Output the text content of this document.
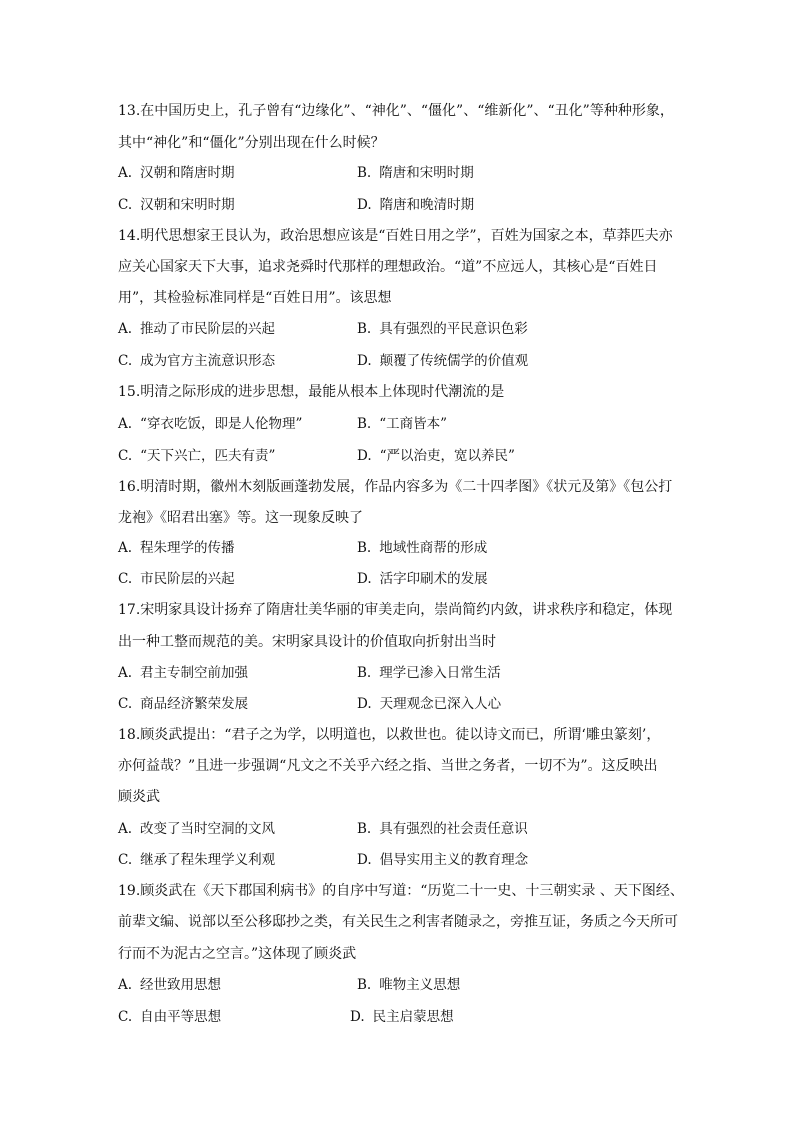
13.在中国历史上，孔子曾有“边缘化”、“神化”、“僵化”、“维新化”、“丑化”等种种形象，

其中“神化”和“僵化”分别出现在什么时候？

A. 汉朝和隋唐时期	B. 隋唐和宋明时期

C. 汉朝和宋明时期	D. 隋唐和晚清时期

14.明代思想家王艮认为，政治思想应该是“百姓日用之学”，百姓为国家之本，草莽匹夫亦

应关心国家天下大事，追求尧舜时代那样的理想政治。“道”不应远人，其核心是“百姓日

用”，其检验标准同样是“百姓日用”。该思想

A. 推动了市民阶层的兴起	B. 具有强烈的平民意识色彩

C. 成为官方主流意识形态	D. 颠覆了传统儒学的价值观

15.明清之际形成的进步思想，最能从根本上体现时代潮流的是

A. “穿衣吃饭，即是人伦物理”	B. “工商皆本”

C. “天下兴亡，匹夫有责”	D. “严以治吏，宽以养民”

16.明清时期，徽州木刻版画蓬勃发展，作品内容多为《二十四孝图》《状元及第》《包公打

龙袍》《昭君出塞》等。这一现象反映了

A. 程朱理学的传播	B. 地域性商帮的形成

C. 市民阶层的兴起	D. 活字印刷术的发展

17.宋明家具设计扬弃了隋唐壮美华丽的审美走向，崇尚简约内敛，讲求秩序和稳定，体现

出一种工整而规范的美。宋明家具设计的价值取向折射出当时

A. 君主专制空前加强	B. 理学已渗入日常生活

C. 商品经济繁荣发展	D. 天理观念已深入人心

18.顾炎武提出：“君子之为学，以明道也，以救世也。徒以诗文而已，所谓‘雕虫篆刻’，

亦何益哉？”且进一步强调“凡文之不关乎六经之指、当世之务者，一切不为”。这反映出

顾炎武

A. 改变了当时空洞的文风	B. 具有强烈的社会责任意识

C. 继承了程朱理学义利观	D. 倡导实用主义的教育理念

19.顾炎武在《天下郡国利病书》的自序中写道：“历览二十一史、十三朝实录 、天下图经、

前辈文编、说部以至公移邸抄之类，有关民生之利害者随录之，旁推互证，务质之今天所可

行而不为泥古之空言。”这体现了顾炎武

A. 经世致用思想	B. 唯物主义思想

C. 自由平等思想	D. 民主启蒙思想
